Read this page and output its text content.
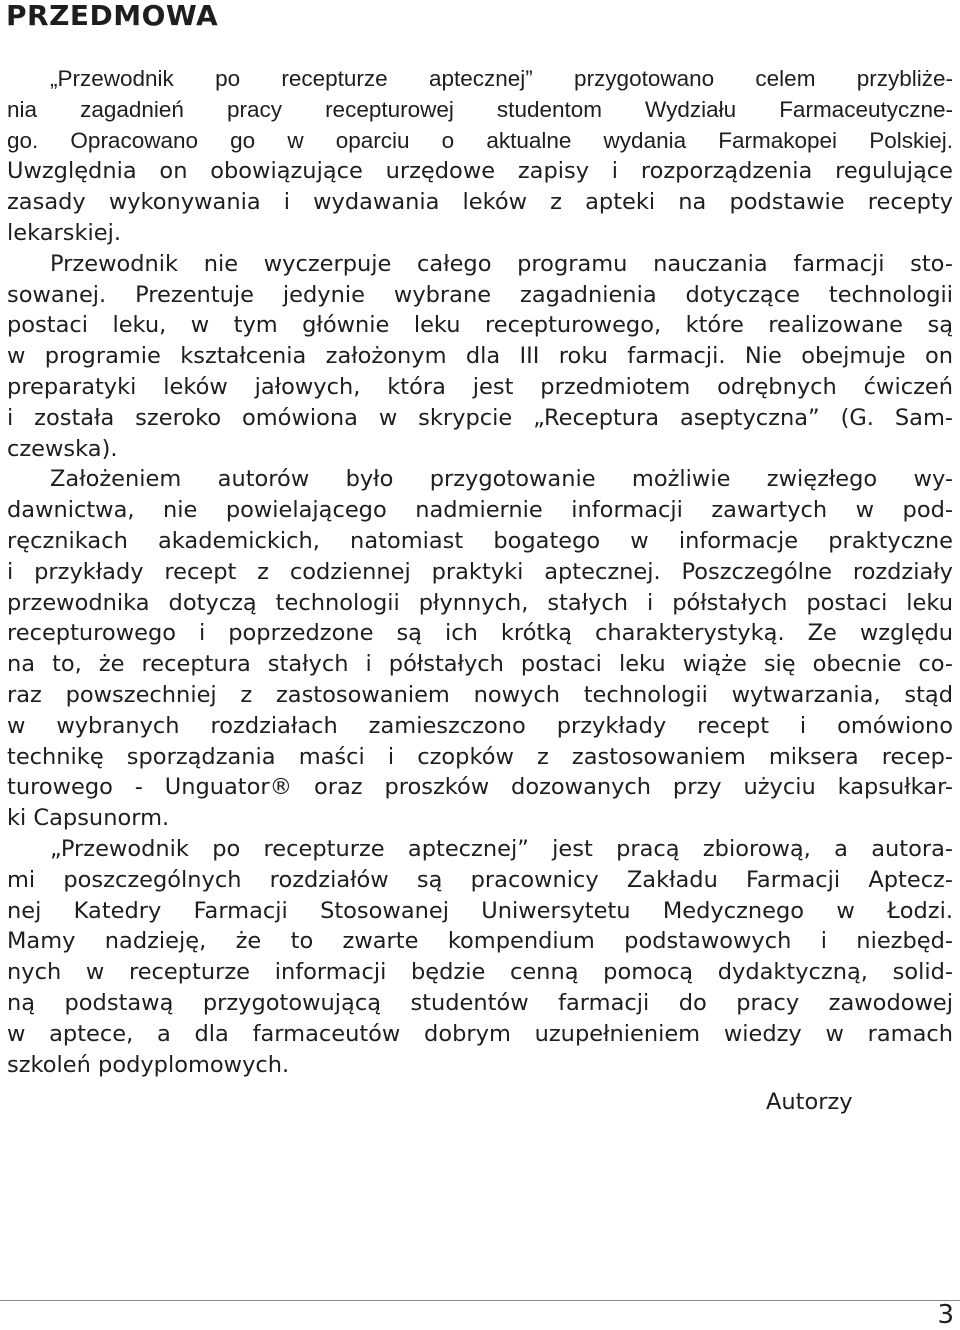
PRZEDMOWA
„Przewodnik po recepturze aptecznej” przygotowano celem przybliże-
nia zagadnień pracy recepturowej studentom Wydziału Farmaceutyczne-
go. Opracowano go w oparciu o aktualne wydania Farmakopei Polskiej.
Uwzględnia on obowiązujące urzędowe zapisy i rozporządzenia regulujące
zasady wykonywania i wydawania leków z apteki na podstawie recepty
lekarskiej.
Przewodnik nie wyczerpuje całego programu nauczania farmacji sto-
sowanej. Prezentuje jedynie wybrane zagadnienia dotyczące technologii
postaci leku, w tym głównie leku recepturowego, które realizowane są
w programie kształcenia założonym dla III roku farmacji. Nie obejmuje on
preparatyki leków jałowych, która jest przedmiotem odrębnych ćwiczeń
i została szeroko omówiona w skrypcie „Receptura aseptyczna” (G. Sam-
czewska).
Założeniem autorów było przygotowanie możliwie zwięzłego wy-
dawnictwa, nie powielającego nadmiernie informacji zawartych w pod-
ręcznikach akademickich, natomiast bogatego w informacje praktyczne
i przykłady recept z codziennej praktyki aptecznej. Poszczególne rozdziały
przewodnika dotyczą technologii płynnych, stałych i półstałych postaci leku
recepturowego i poprzedzone są ich krótką charakterystyką. Ze względu
na to, że receptura stałych i półstałych postaci leku wiąże się obecnie co-
raz powszechniej z zastosowaniem nowych technologii wytwarzania, stąd
w wybranych rozdziałach zamieszczono przykłady recept i omówiono
technikę sporządzania maści i czopków z zastosowaniem miksera recep-
turowego - Unguator® oraz proszków dozowanych przy użyciu kapsułkar-
ki Capsunorm.
„Przewodnik po recepturze aptecznej” jest pracą zbiorową, a autora-
mi poszczególnych rozdziałów są pracownicy Zakładu Farmacji Aptecz-
nej Katedry Farmacji Stosowanej Uniwersytetu Medycznego w Łodzi.
Mamy nadzieję, że to zwarte kompendium podstawowych i niezbęd-
nych w recepturze informacji będzie cenną pomocą dydaktyczną, solid-
ną podstawą przygotowującą studentów farmacji do pracy zawodowej
w aptece, a dla farmaceutów dobrym uzupełnieniem wiedzy w ramach
szkoleń podyplomowych.
Autorzy
3
